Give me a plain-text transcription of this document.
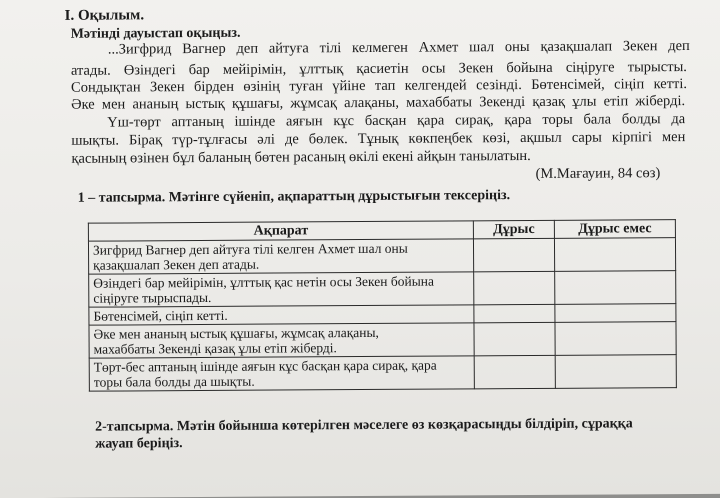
I. Оқылым.
Мәтінді дауыстап оқыңыз.
...Зигфрид Вагнер деп айтуға тілі келмеген Ахмет шал оны қазақшалап Зекен деп
атады. Өзіндегі бар мейірімін, ұлттық қасиетін осы Зекен бойына сіңіруге тырысты.
Сондықтан Зекен бірден өзінің туған үйіне тап келгендей сезінді. Бөтенсімей, сіңіп кетті.
Әке мен ананың ыстық құшағы, жұмсақ алақаны, махаббаты Зекенді қазақ ұлы етіп жіберді.
Үш-төрт аптаның ішінде аяғын кұс басқан қара сирақ, қара торы бала болды да
шықты. Бірақ түр-тұлғасы әлі де бөлек. Тұнық көкпеңбек көзі, ақшыл сары кірпігі мен
қасының өзінен бұл баланың бөтен расаның өкілі екені айқын танылатын.
(М.Мағауин, 84 сөз)
1 – тапсырма. Мәтінге сүйеніп, ақпараттың дұрыстығын тексеріңіз.
Ақпарат	Дұрыс	Дұрыс емес

Зигфрид Вагнер деп айтуға тілі келген Ахмет шал оны
қазақшалап Зекен деп атады.		

Өзіндегі бар мейірімін, ұлттық қас нетін осы Зекен бойына
сіңіруге тырыспады.		

Бөтенсімей, сіңіп кетті.		

Әке мен ананың ыстық құшағы, жұмсақ алақаны,
махаббаты Зекенді қазақ ұлы етіп жіберді.		

Төрт-бес аптаның ішінде аяғын кұс басқан қара сирақ, қара
торы бала болды да шықты.		

2-тапсырма. Мәтін бойынша көтерілген мәселеге өз көзқарасыңды білдіріп, сұраққа
жауап беріңіз.
